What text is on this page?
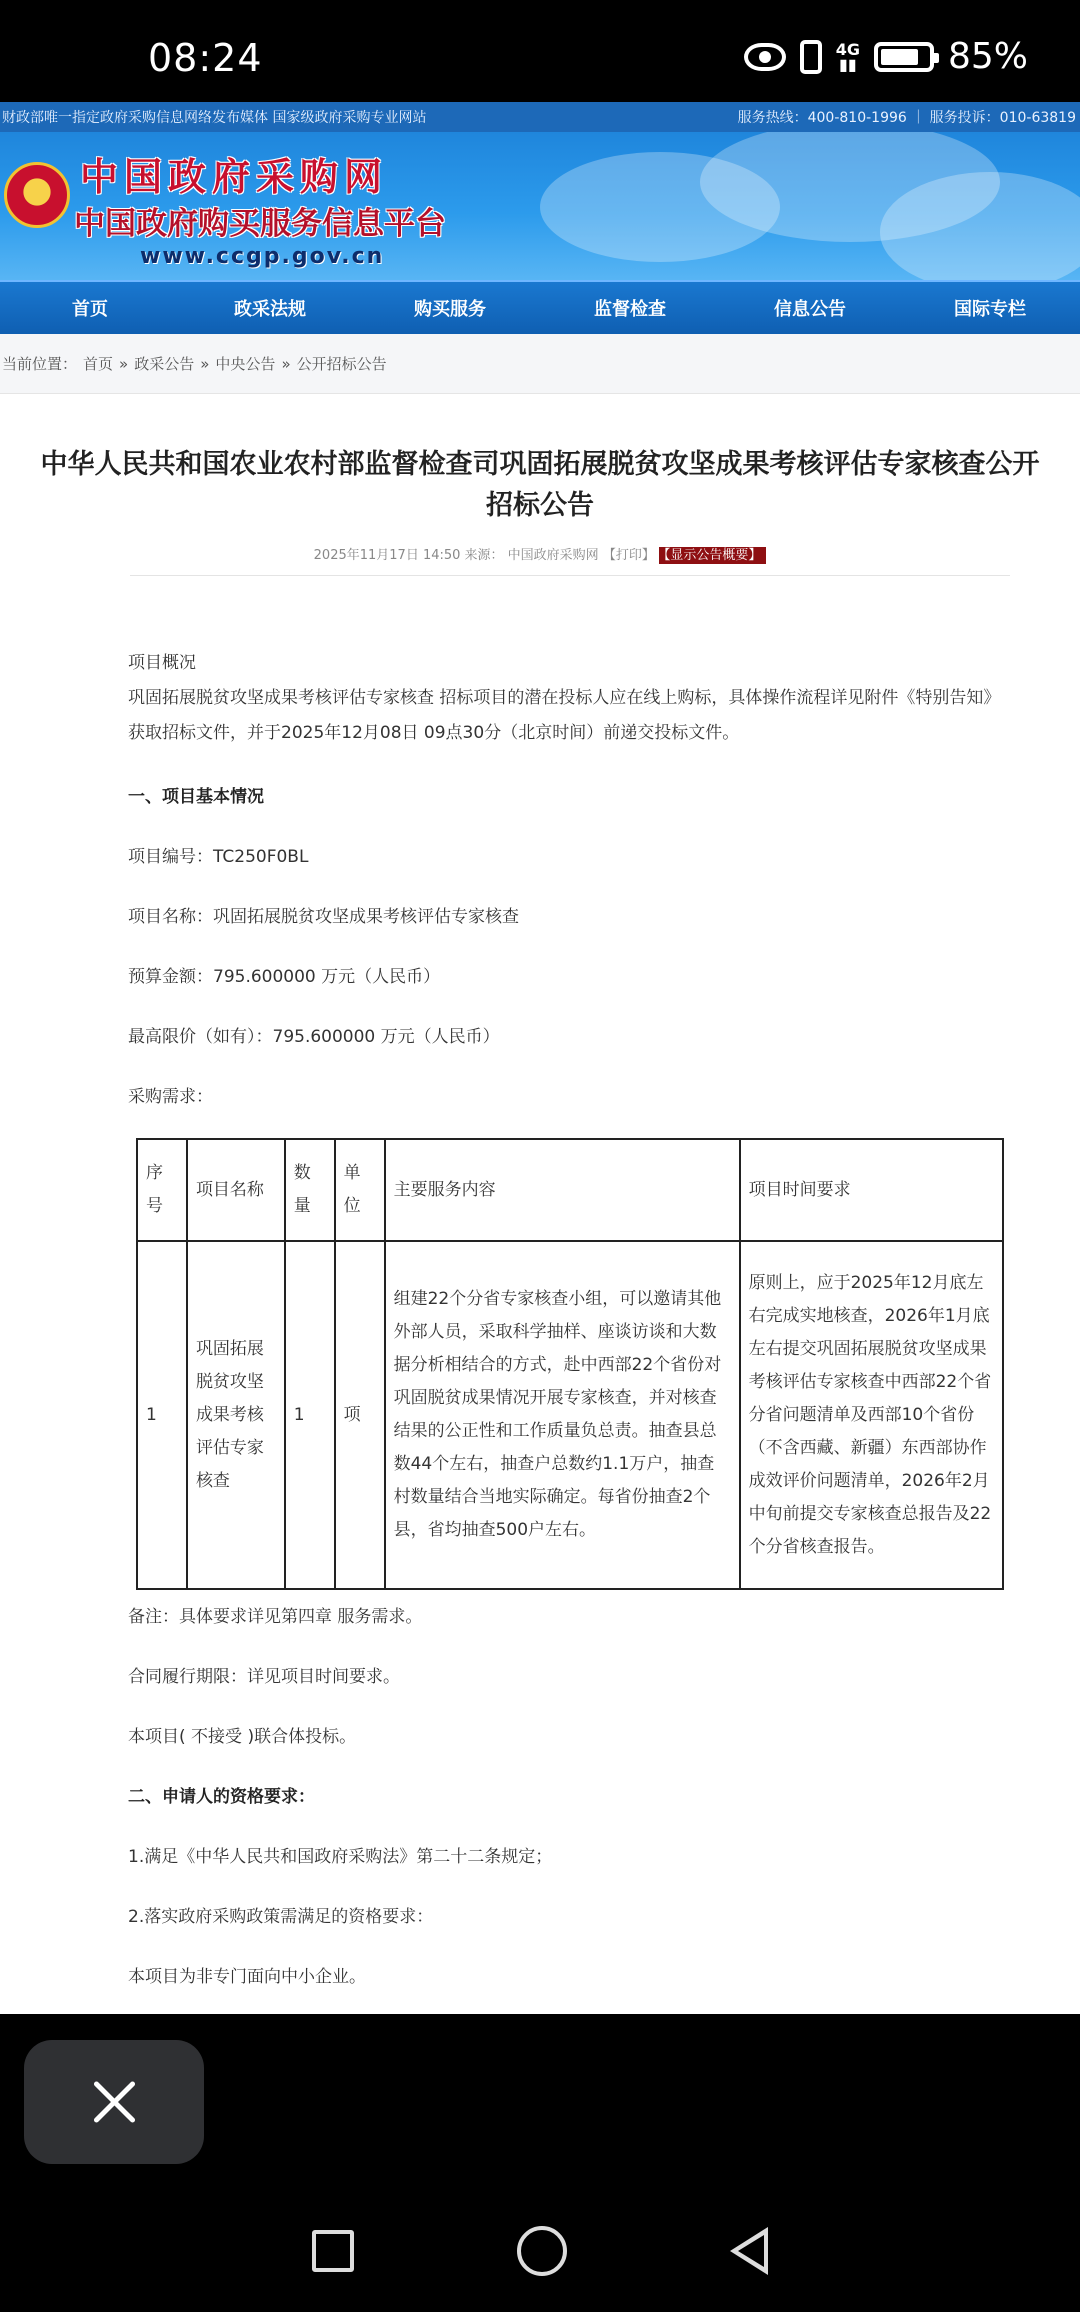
08:24	4G
▮▮	85%
财政部唯一指定政府采购信息网络发布媒体 国家级政府采购专业网站	服务热线：400-810-1996 ｜ 服务投诉：010-63819
中国政府采购网
中国政府购买服务信息平台
www.ccgp.gov.cn
首页	政采法规	购买服务	监督检查	信息公告	国际专栏
当前位置： 首页 » 政采公告 » 中央公告 » 公开招标公告
中华人民共和国农业农村部监督检查司巩固拓展脱贫攻坚成果考核评估专家核查公开
招标公告
2025年11月17日 14:50 来源： 中国政府采购网 【打印】 【显示公告概要】
项目概况
巩固拓展脱贫攻坚成果考核评估专家核查 招标项目的潜在投标人应在线上购标，具体操作流程详见附件《特别告知》获取招标文件，并于2025年12月08日 09点30分（北京时间）前递交投标文件。
一、项目基本情况
项目编号：TC250F0BL
项目名称：巩固拓展脱贫攻坚成果考核评估专家核查
预算金额：795.600000 万元（人民币）
最高限价（如有）：795.600000 万元（人民币）
采购需求：
序号	项目名称	数量	单位	主要服务内容	项目时间要求
1	巩固拓展脱贫攻坚成果考核评估专家核查	1	项	组建22个分省专家核查小组，可以邀请其他外部人员，采取科学抽样、座谈访谈和大数据分析相结合的方式，赴中西部22个省份对巩固脱贫成果情况开展专家核查，并对核查结果的公正性和工作质量负总责。抽查县总数44个左右，抽查户总数约1.1万户，抽查村数量结合当地实际确定。每省份抽查2个县，省均抽查500户左右。	原则上，应于2025年12月底左右完成实地核查，2026年1月底左右提交巩固拓展脱贫攻坚成果考核评估专家核查中西部22个省分省问题清单及西部10个省份（不含西藏、新疆）东西部协作成效评价问题清单，2026年2月中旬前提交专家核查总报告及22个分省核查报告。
备注：具体要求详见第四章 服务需求。
合同履行期限：详见项目时间要求。
本项目( 不接受 )联合体投标。
二、申请人的资格要求：
1.满足《中华人民共和国政府采购法》第二十二条规定；
2.落实政府采购政策需满足的资格要求：
本项目为非专门面向中小企业。
